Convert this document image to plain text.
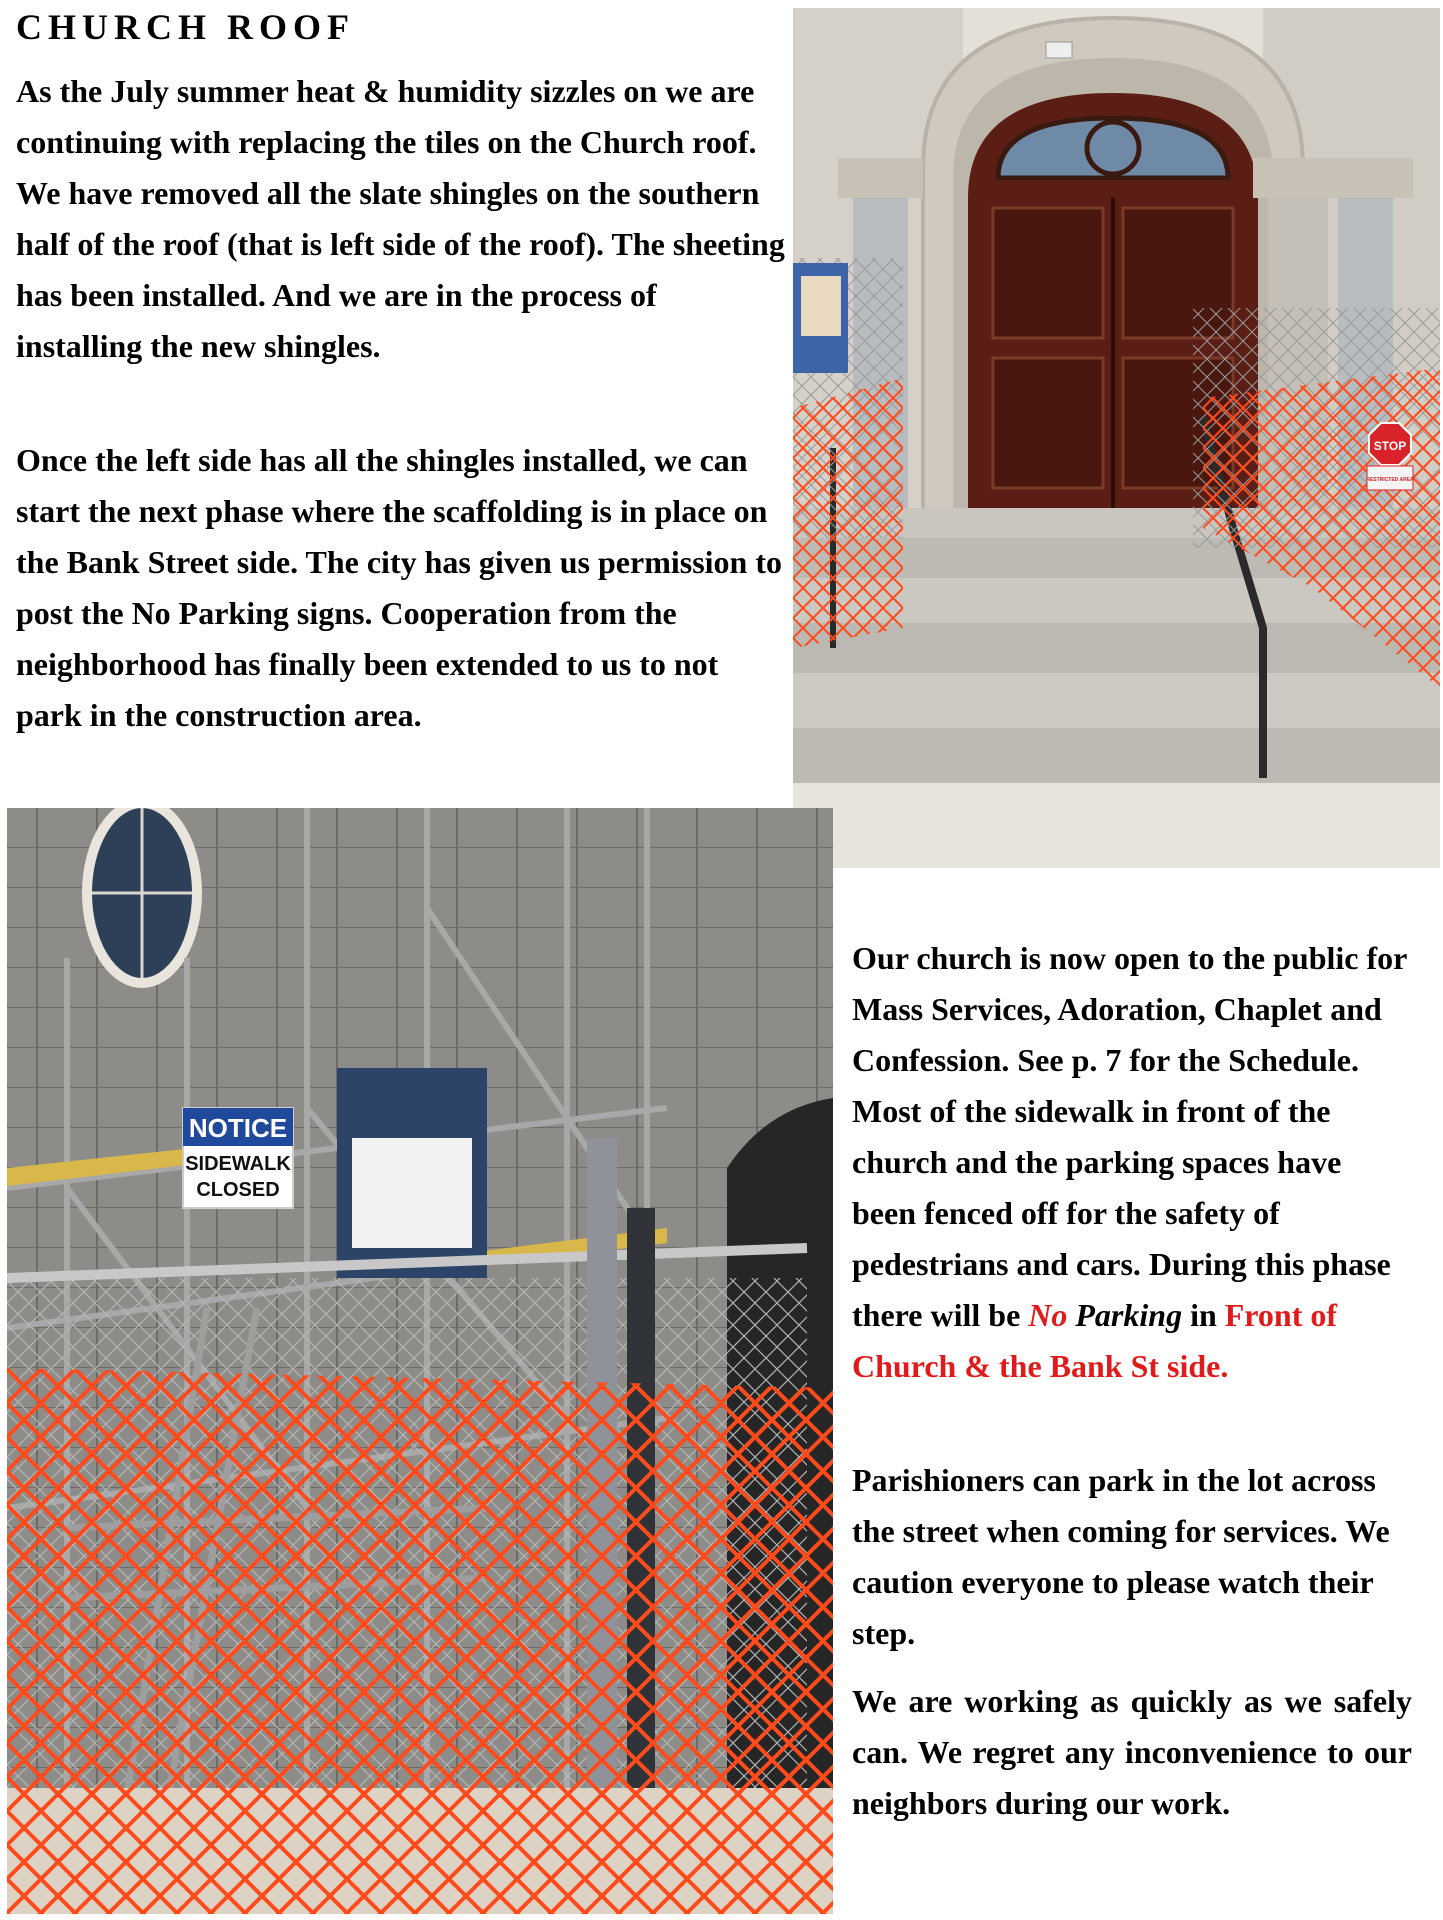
CHURCH ROOF

As the July summer heat & humidity sizzles on we are continuing with replacing the tiles on the Church roof. We have removed all the slate shingles on the southern half of the roof (that is left side of the roof). The sheeting has been installed. And we are in the process of installing the new shingles.

Once the left side has all the shingles installed, we can start the next phase where the scaffolding is in place on the Bank Street side. The city has given us permission to post the No Parking signs. Cooperation from the neighborhood has finally been extended to us to not park in the construction area.

Our church is now open to the public for Mass Services, Adoration, Chaplet and Confession. See p. 7 for the Schedule. Most of the sidewalk in front of the church and the parking spaces have been fenced off for the safety of pedestrians and cars. During this phase there will be No Parking in Front of Church & the Bank St side.

Parishioners can park in the lot across the street when coming for services. We caution everyone to please watch their step.

We are working as quickly as we safely can. We regret any inconvenience to our neighbors during our work.

STOP
RESTRICTED AREA
NOTICE
SIDEWALK
CLOSED
